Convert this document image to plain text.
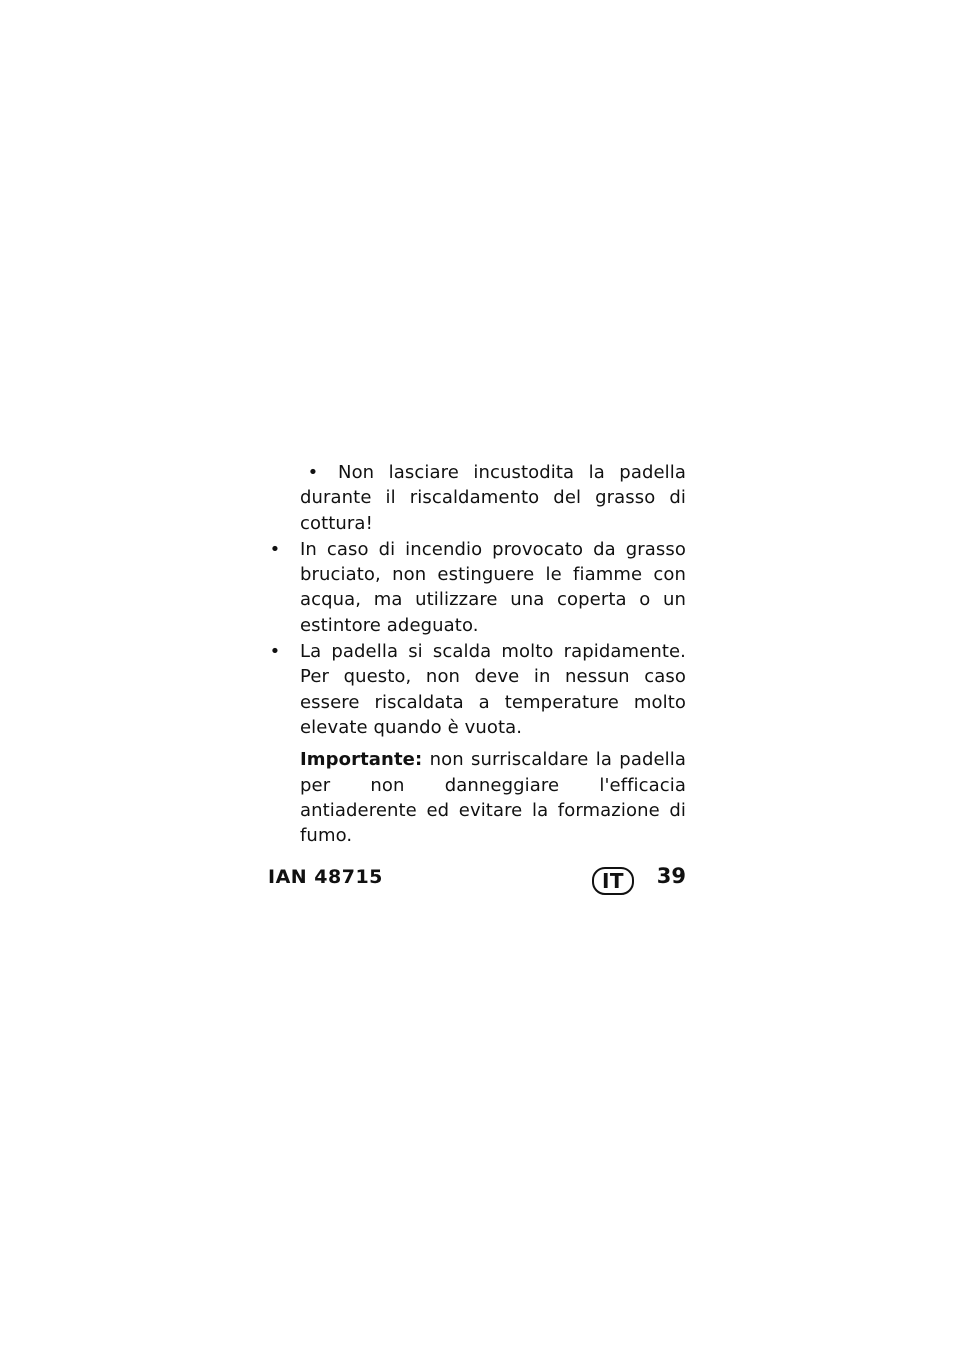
• Non lasciare incustodita la padella durante il riscaldamento del grasso di cottura!
• In caso di incendio provocato da grasso bruciato, non estinguere le fiamme con acqua, ma utilizzare una coperta o un estintore adeguato.
• La padella si scalda molto rapidamente. Per questo, non deve in nessun caso essere riscaldata a temperature molto elevate quando è vuota.
Importante: non surriscaldare la padella per non danneggiare l'efficacia antiaderente ed evitare la formazione di fumo.
IAN 48715	IT	39
